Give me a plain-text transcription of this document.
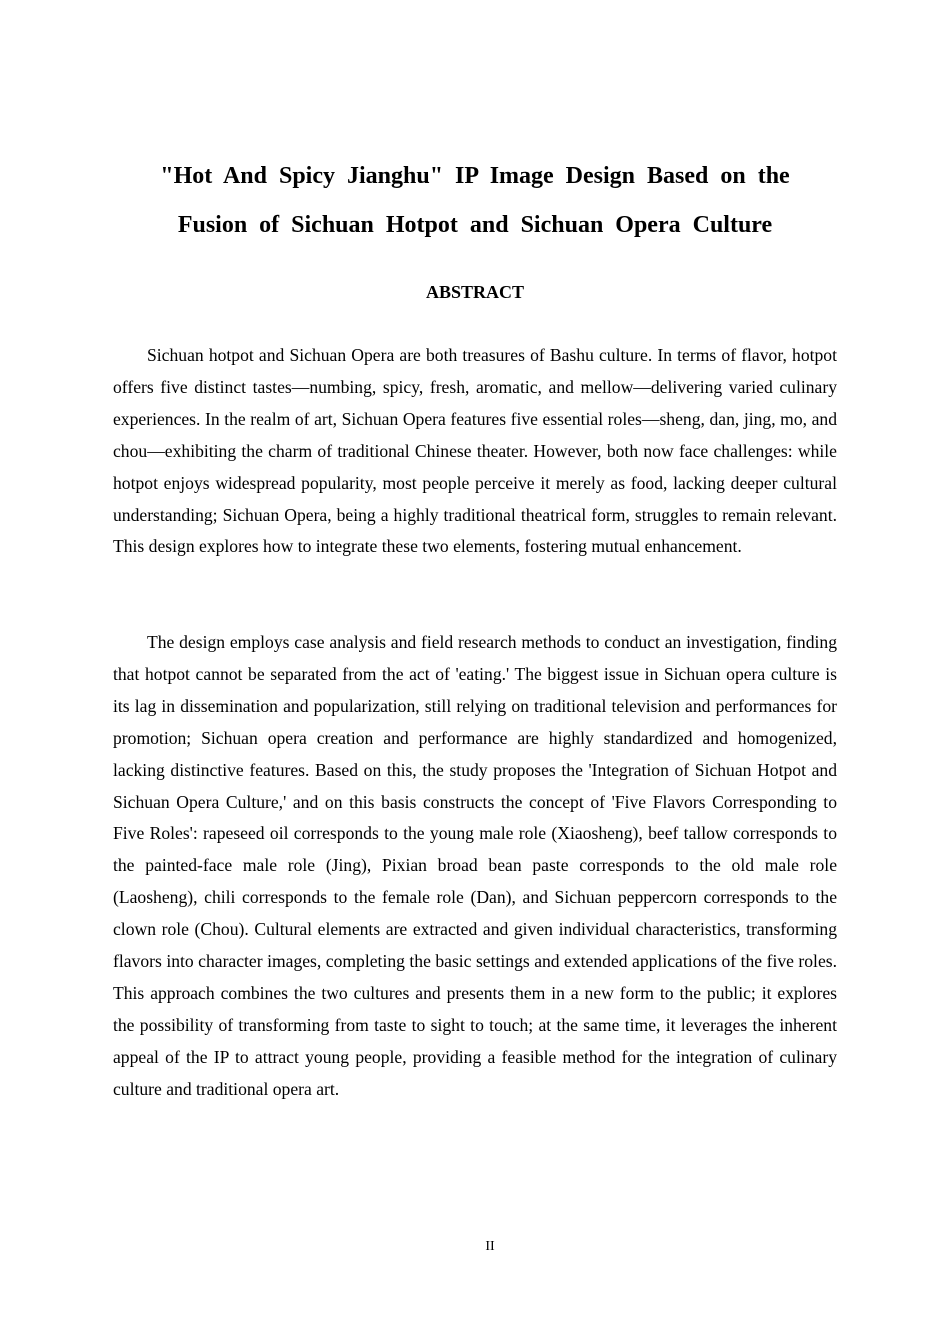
"Hot And Spicy Jianghu" IP Image Design Based on the
Fusion of Sichuan Hotpot and Sichuan Opera Culture
ABSTRACT

Sichuan hotpot and Sichuan Opera are both treasures of Bashu culture. In terms of flavor, hotpot offers five distinct tastes—numbing, spicy, fresh, aromatic, and mellow—delivering varied culinary experiences. In the realm of art, Sichuan Opera features five essential roles—sheng, dan, jing, mo, and chou—exhibiting the charm of traditional Chinese theater. However, both now face challenges: while hotpot enjoys widespread popularity, most people perceive it merely as food, lacking deeper cultural understanding; Sichuan Opera, being a highly traditional theatrical form, struggles to remain relevant. This design explores how to integrate these two elements, fostering mutual enhancement.

The design employs case analysis and field research methods to conduct an investigation, finding that hotpot cannot be separated from the act of 'eating.' The biggest issue in Sichuan opera culture is its lag in dissemination and popularization, still relying on traditional television and performances for promotion; Sichuan opera creation and performance are highly standardized and homogenized, lacking distinctive features. Based on this, the study proposes the 'Integration of Sichuan Hotpot and Sichuan Opera Culture,' and on this basis constructs the concept of 'Five Flavors Corresponding to Five Roles': rapeseed oil corresponds to the young male role (Xiaosheng), beef tallow corresponds to the painted-face male role (Jing), Pixian broad bean paste corresponds to the old male role (Laosheng), chili corresponds to the female role (Dan), and Sichuan peppercorn corresponds to the clown role (Chou). Cultural elements are extracted and given individual characteristics, transforming flavors into character images, completing the basic settings and extended applications of the five roles. This approach combines the two cultures and presents them in a new form to the public; it explores the possibility of transforming from taste to sight to touch; at the same time, it leverages the inherent appeal of the IP to attract young people, providing a feasible method for the integration of culinary culture and traditional opera art.

II
